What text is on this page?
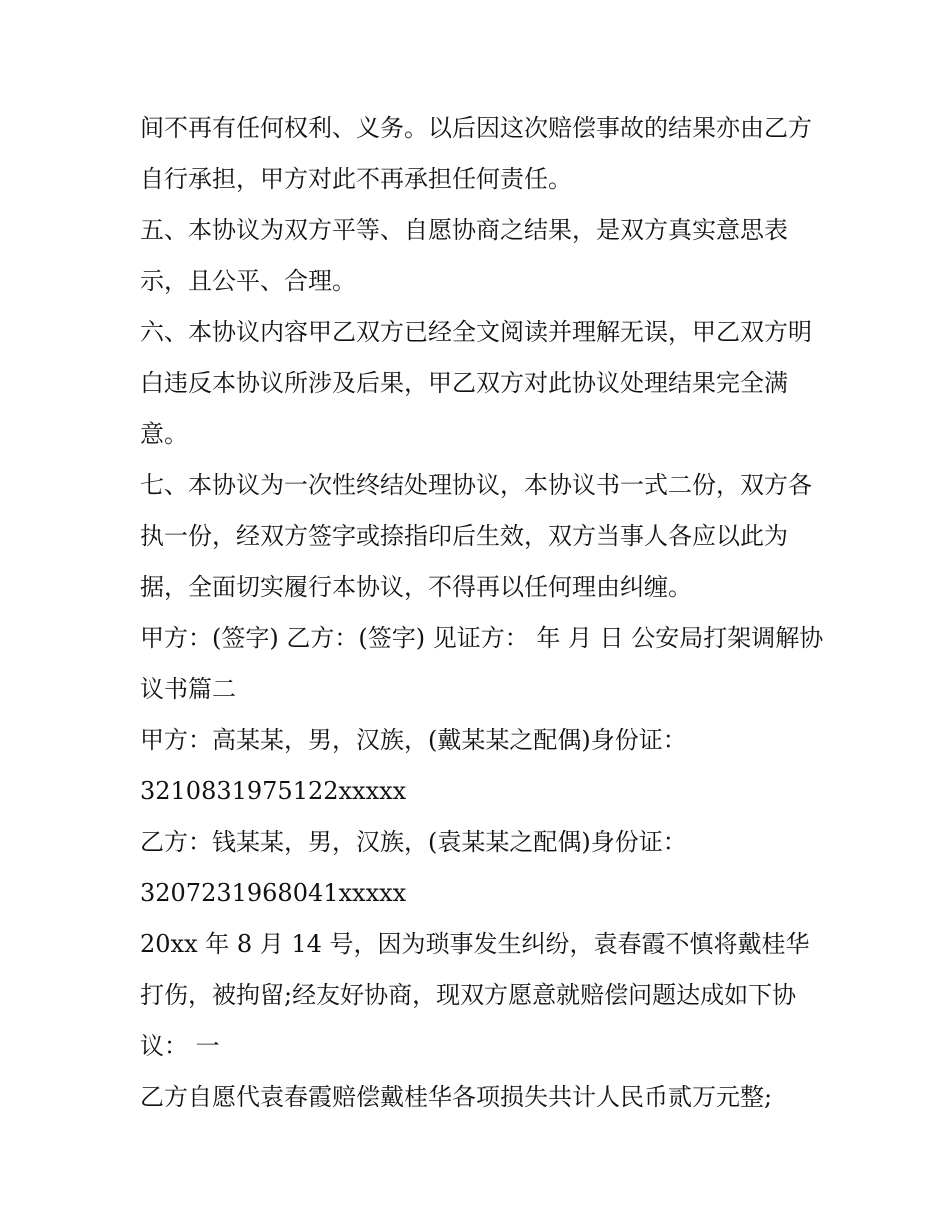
间不再有任何权利、义务。以后因这次赔偿事故的结果亦由乙方自行承担，甲方对此不再承担任何责任。

五、本协议为双方平等、自愿协商之结果，是双方真实意思表示，且公平、合理。

六、本协议内容甲乙双方已经全文阅读并理解无误，甲乙双方明白违反本协议所涉及后果，甲乙双方对此协议处理结果完全满意。

七、本协议为一次性终结处理协议，本协议书一式二份，双方各执一份，经双方签字或捺指印后生效，双方当事人各应以此为据，全面切实履行本协议，不得再以任何理由纠缠。

甲方：(签字) 乙方：(签字) 见证方： 年 月 日 公安局打架调解协议书篇二

甲方：高某某，男，汉族，(戴某某之配偶)身份证：

3210831975122xxxxx

乙方：钱某某，男，汉族，(袁某某之配偶)身份证：

3207231968041xxxxx

20xx 年 8 月 14 号，因为琐事发生纠纷，袁春霞不慎将戴桂华打伤，被拘留;经友好协商，现双方愿意就赔偿问题达成如下协议： 一

乙方自愿代袁春霞赔偿戴桂华各项损失共计人民币贰万元整;
